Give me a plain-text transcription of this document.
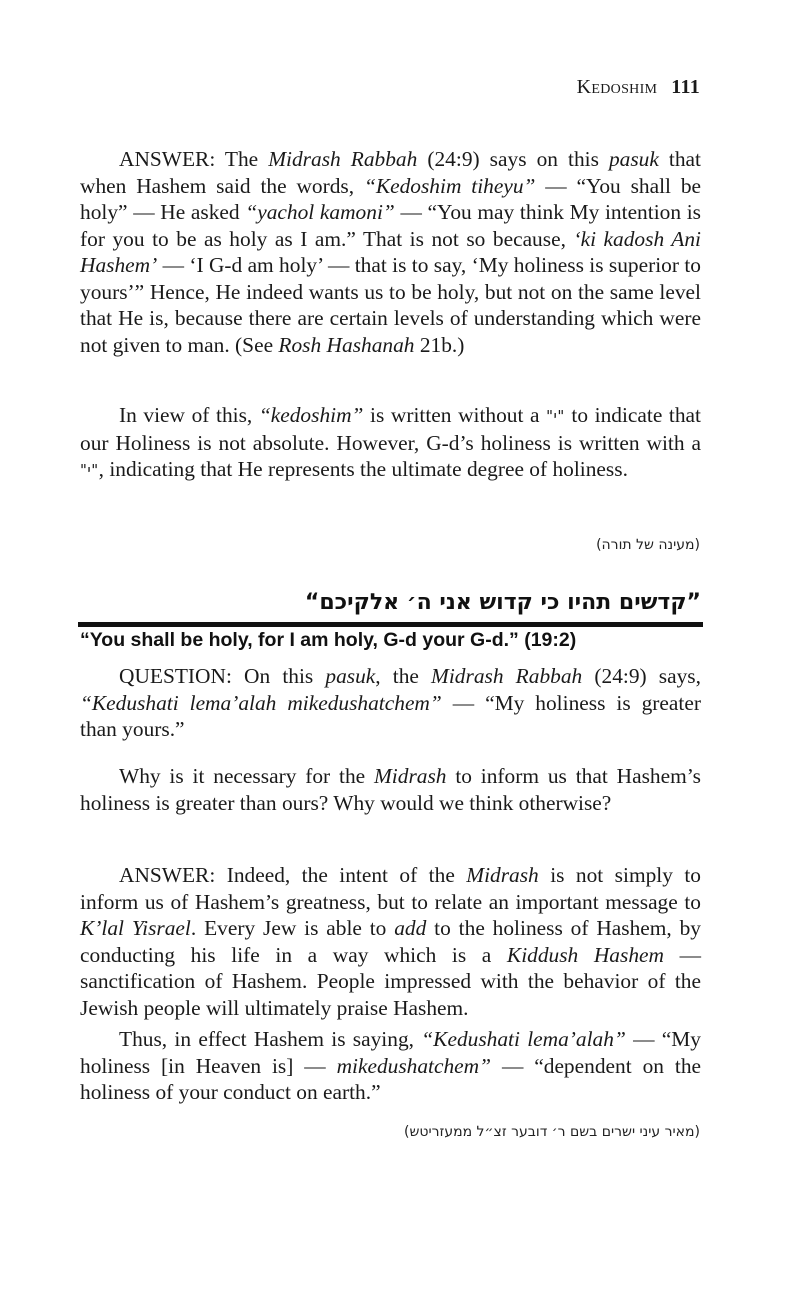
Kedoshim 111

ANSWER: The Midrash Rabbah (24:9) says on this pasuk that when Hashem said the words, “Kedoshim tiheyu” — “You shall be holy” — He asked “yachol kamoni” — “You may think My intention is for you to be as holy as I am.” That is not so because, ‘ki kadosh Ani Hashem’ — ‘I G-d am holy’ — that is to say, ‘My holiness is superior to yours’” Hence, He indeed wants us to be holy, but not on the same level that He is, because there are certain levels of understanding which were not given to man. (See Rosh Hashanah 21b.)

In view of this, “kedoshim” is written without a "י" to indicate that our Holiness is not absolute. However, G-d’s holiness is written with a "י", indicating that He represents the ultimate degree of holiness.

(מעינה של תורה)
”קדשים תהיו כי קדוש אני ה׳ אלקיכם“
“You shall be holy, for I am holy, G-d your G-d.” (19:2)

QUESTION: On this pasuk, the Midrash Rabbah (24:9) says, “Kedushati lema’alah mikedushatchem” — “My holiness is greater than yours.”

Why is it necessary for the Midrash to inform us that Hashem’s holiness is greater than ours? Why would we think otherwise?

ANSWER: Indeed, the intent of the Midrash is not simply to inform us of Hashem’s greatness, but to relate an important message to K’lal Yisrael. Every Jew is able to add to the holiness of Hashem, by conducting his life in a way which is a Kiddush Hashem — sanctification of Hashem. People impressed with the behavior of the Jewish people will ultimately praise Hashem.

Thus, in effect Hashem is saying, “Kedushati lema’alah” — “My holiness [in Heaven is] — mikedushatchem” — “dependent on the holiness of your conduct on earth.”

(מאיר עיני ישרים בשם ר׳ דובער זצ״ל ממעזריטש)
